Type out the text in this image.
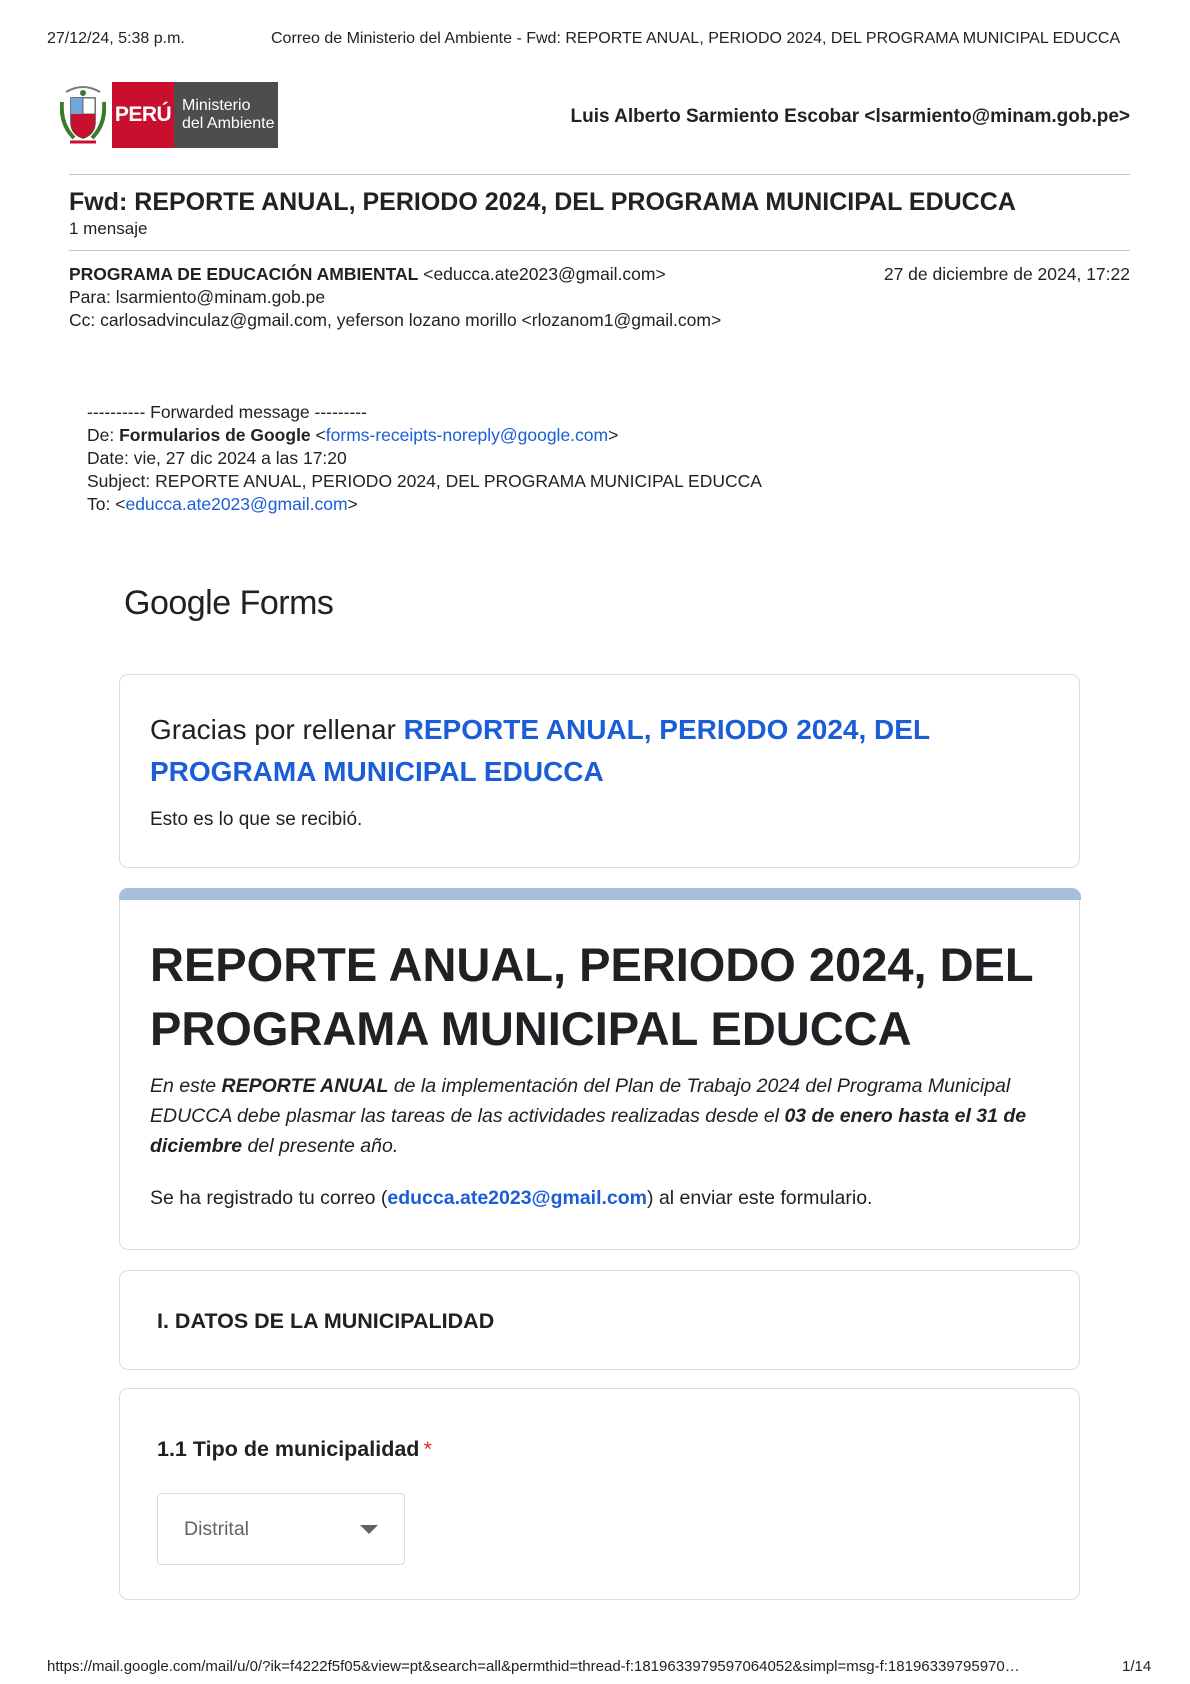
27/12/24, 5:38 p.m.	Correo de Ministerio del Ambiente - Fwd: REPORTE ANUAL, PERIODO 2024, DEL PROGRAMA MUNICIPAL EDUCCA
PERÚ Ministerio
del Ambiente	Luis Alberto Sarmiento Escobar <lsarmiento@minam.gob.pe>
Fwd: REPORTE ANUAL, PERIODO 2024, DEL PROGRAMA MUNICIPAL EDUCCA
1 mensaje
PROGRAMA DE EDUCACIÓN AMBIENTAL <educca.ate2023@gmail.com>	27 de diciembre de 2024, 17:22
Para: lsarmiento@minam.gob.pe
Cc: carlosadvinculaz@gmail.com, yeferson lozano morillo <rlozanom1@gmail.com>
---------- Forwarded message ---------
De: Formularios de Google <forms-receipts-noreply@google.com>
Date: vie, 27 dic 2024 a las 17:20
Subject: REPORTE ANUAL, PERIODO 2024, DEL PROGRAMA MUNICIPAL EDUCCA
To: <educca.ate2023@gmail.com>
Google Forms
Gracias por rellenar REPORTE ANUAL, PERIODO 2024, DEL PROGRAMA MUNICIPAL EDUCCA
Esto es lo que se recibió.
REPORTE ANUAL, PERIODO 2024, DEL PROGRAMA MUNICIPAL EDUCCA
En este REPORTE ANUAL de la implementación del Plan de Trabajo 2024 del Programa Municipal EDUCCA debe plasmar las tareas de las actividades realizadas desde el 03 de enero hasta el 31 de diciembre del presente año.
Se ha registrado tu correo (educca.ate2023@gmail.com) al enviar este formulario.
I. DATOS DE LA MUNICIPALIDAD
1.1 Tipo de municipalidad *
Distrital
https://mail.google.com/mail/u/0/?ik=f4222f5f05&view=pt&search=all&permthid=thread-f:1819633979597064052&simpl=msg-f:18196339795970…	1/14
